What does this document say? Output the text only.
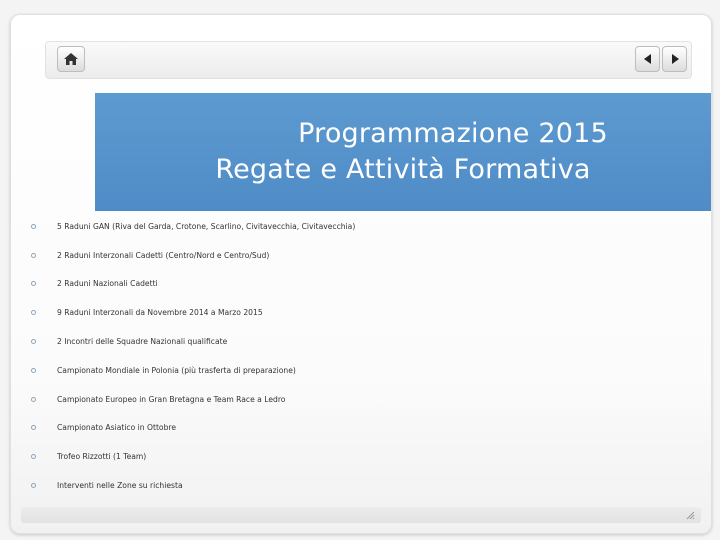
Programmazione 2015
Regate e Attività Formativa
5 Raduni GAN (Riva del Garda, Crotone, Scarlino, Civitavecchia, Civitavecchia)
2 Raduni Interzonali Cadetti (Centro/Nord e Centro/Sud)
2 Raduni Nazionali Cadetti
9 Raduni Interzonali da Novembre 2014 a Marzo 2015
2 Incontri delle Squadre Nazionali qualificate
Campionato Mondiale in Polonia (più trasferta di preparazione)
Campionato Europeo in Gran Bretagna e Team Race a Ledro
Campionato Asiatico in Ottobre
Trofeo Rizzotti (1 Team)
Interventi nelle Zone su richiesta
